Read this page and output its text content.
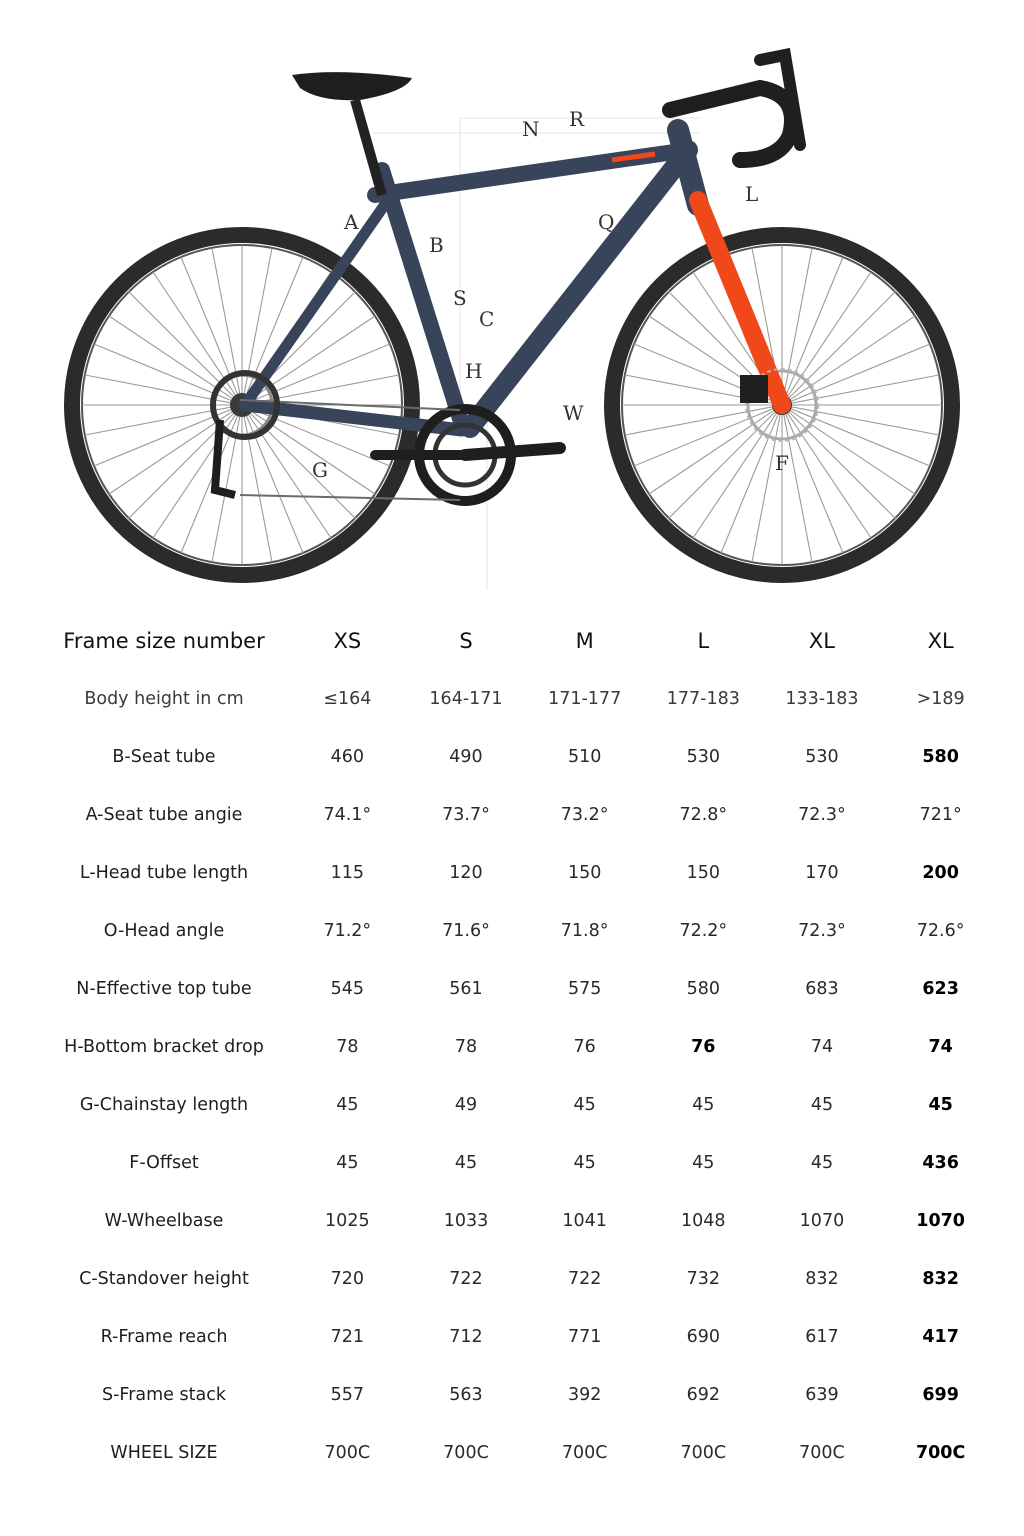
N R
L
A
B
Q
S
C
H
W
G	F
Frame size number	XS	S	M	L	XL	XL
Body height in cm	≤164	164-171	171-177	177-183	133-183	>189
B-Seat tube	460	490	510	530	530	580
A-Seat tube angie	74.1°	73.7°	73.2°	72.8°	72.3°	721°
L-Head tube length	115	120	150	150	170	200
O-Head angle	71.2°	71.6°	71.8°	72.2°	72.3°	72.6°
N-Effective top tube	545	561	575	580	683	623
H-Bottom bracket drop	78	78	76	76	74	74
G-Chainstay length	45	49	45	45	45	45
F-Offset	45	45	45	45	45	436
W-Wheelbase	1025	1033	1041	1048	1070	1070
C-Standover height	720	722	722	732	832	832
R-Frame reach	721	712	771	690	617	417
S-Frame stack	557	563	392	692	639	699
WHEEL SIZE	700C	700C	700C	700C	700C	700C
